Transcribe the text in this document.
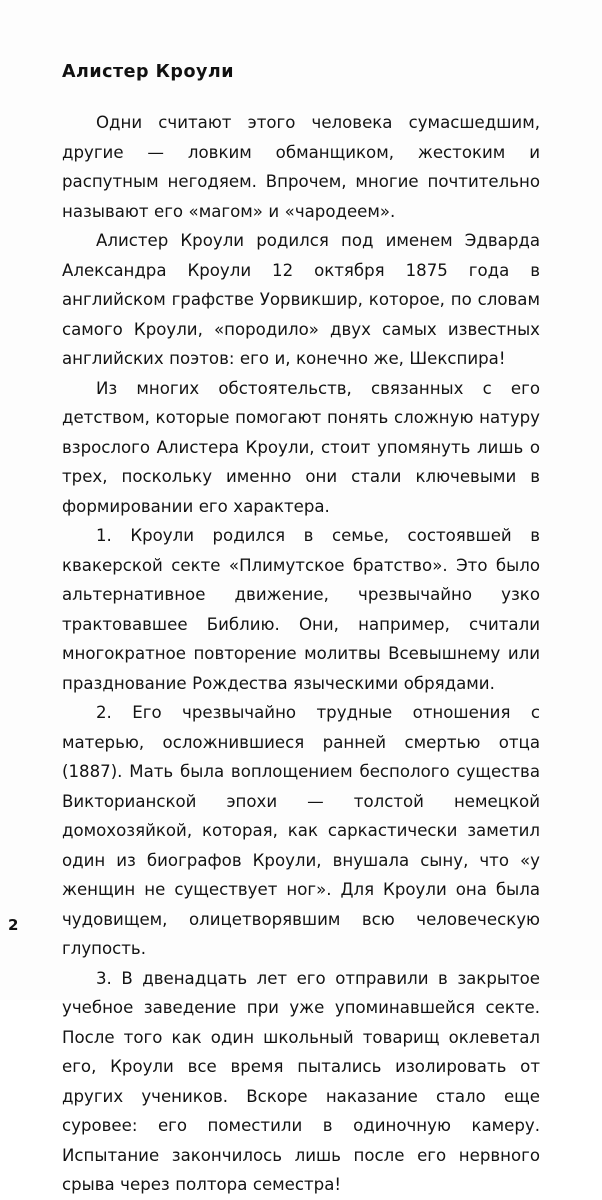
Алистер Кроули

Одни считают этого человека сумасшедшим, другие — ловким обманщиком, жестоким и распутным негодяем. Впрочем, многие почтительно называют его «магом» и «чародеем».

Алистер Кроули родился под именем Эдварда Александра Кроули 12 октября 1875 года в английском графстве Уорвикшир, которое, по словам самого Кроули, «породило» двух самых известных английских поэтов: его и, конечно же, Шекспира!

Из многих обстоятельств, связанных с его детством, которые помогают понять сложную натуру взрослого Алистера Кроули, стоит упомянуть лишь о трех, поскольку именно они стали ключевыми в формировании его характера.

1. Кроули родился в семье, состоявшей в квакерской секте «Плимутское братство». Это было альтернативное движение, чрезвычайно узко трактовавшее Библию. Они, например, считали многократное повторение молитвы Всевышнему или празднование Рождества языческими обрядами.

2. Его чрезвычайно трудные отношения с матерью, осложнившиеся ранней смертью отца (1887). Мать была воплощением бесполого существа Викторианской эпохи — толстой немецкой домохозяйкой, которая, как саркастически заметил один из биографов Кроули, внушала сыну, что «у женщин не существует ног». Для Кроули она была чудовищем, олицетворявшим всю человеческую глупость.

3. В двенадцать лет его отправили в закрытое учебное заведение при уже упоминавшейся секте. После того как один школьный товарищ оклеветал его, Кроули все время пытались изолировать от других учеников. Вскоре наказание стало еще суровее: его поместили в одиночную камеру. Испытание закончилось лишь после его нервного срыва через полтора семестра!

2
